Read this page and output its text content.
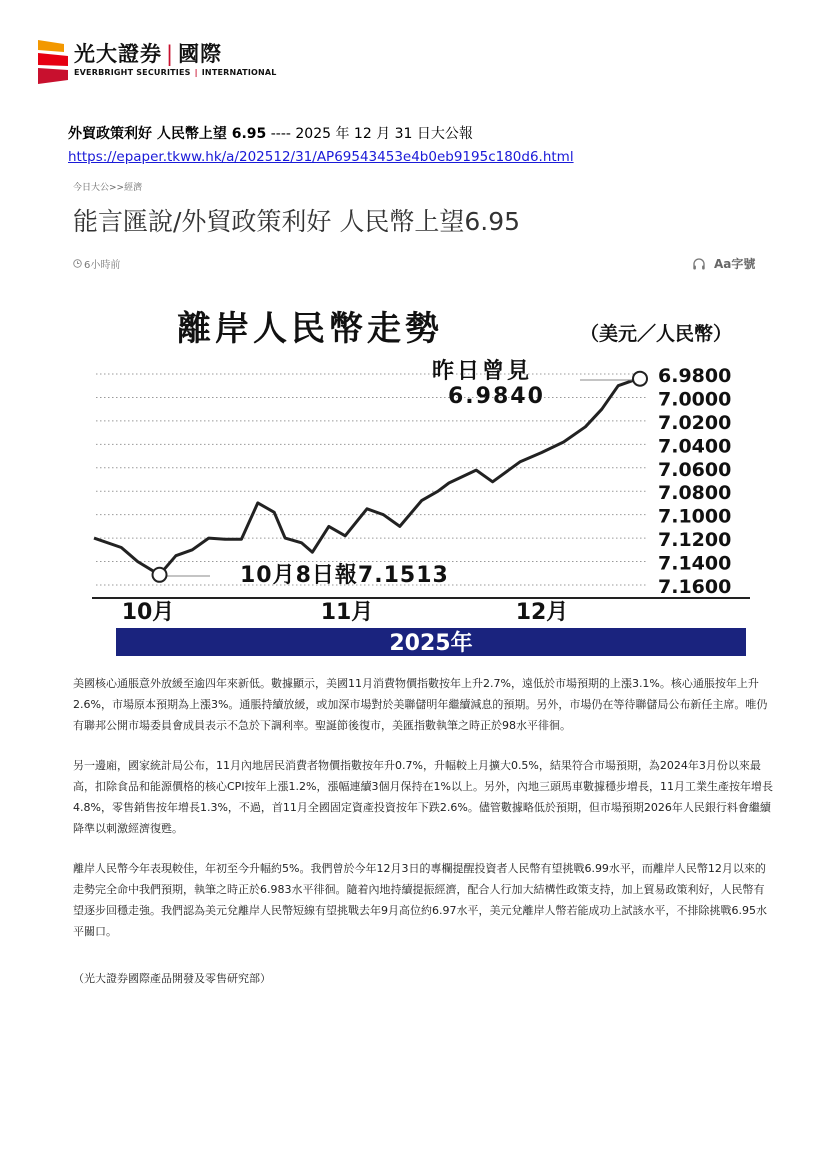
光大證券 | 國際
EVERBRIGHT SECURITIES | INTERNATIONAL
外貿政策利好 人民幣上望 6.95 ---- 2025 年 12 月 31 日大公報
https://epaper.tkww.hk/a/202512/31/AP69543453e4b0eb9195c180d6.html
今日大公>>經濟
能言匯說/外貿政策利好 人民幣上望6.95
6小時前	Aa字號
離岸人民幣走勢	（美元／人民幣）
6.9800
7.0000
7.0200
7.0400
7.0600
7.0800
7.1000
7.1200
7.1400
7.1600
昨日曾見
6.9840
10月8日報7.1513
10月	11月	12月
2025年
美國核心通脹意外放緩至逾四年來新低。數據顯示，美國11月消費物價指數按年上升2.7%，遠低於市場預期的上漲3.1%。核心通脹按年上升2.6%，市場原本預期為上漲3%。通脹持續放緩，或加深市場對於美聯儲明年繼續減息的預期。另外，市場仍在等待聯儲局公布新任主席。唯仍有聯邦公開市場委員會成員表示不急於下調利率。聖誕節後復市，美匯指數執筆之時正於98水平徘徊。
另一邊廂，國家統計局公布，11月內地居民消費者物價指數按年升0.7%，升幅較上月擴大0.5%，結果符合市場預期，為2024年3月份以來最高，扣除食品和能源價格的核心CPI按年上漲1.2%，漲幅連續3個月保持在1%以上。另外，內地三頭馬車數據穩步增長，11月工業生產按年增長4.8%，零售銷售按年增長1.3%，不過，首11月全國固定資產投資按年下跌2.6%。儘管數據略低於預期，但市場預期2026年人民銀行料會繼續降準以刺激經濟復甦。
離岸人民幣今年表現較佳，年初至今升幅約5%。我們曾於今年12月3日的專欄提醒投資者人民幣有望挑戰6.99水平，而離岸人民幣12月以來的走勢完全命中我們預期，執筆之時正於6.983水平徘徊。隨着內地持續提振經濟，配合人行加大結構性政策支持，加上貿易政策利好，人民幣有望逐步回穩走強。我們認為美元兌離岸人民幣短線有望挑戰去年9月高位約6.97水平，美元兌離岸人幣若能成功上試該水平，不排除挑戰6.95水平關口。
（光大證券國際產品開發及零售研究部）
